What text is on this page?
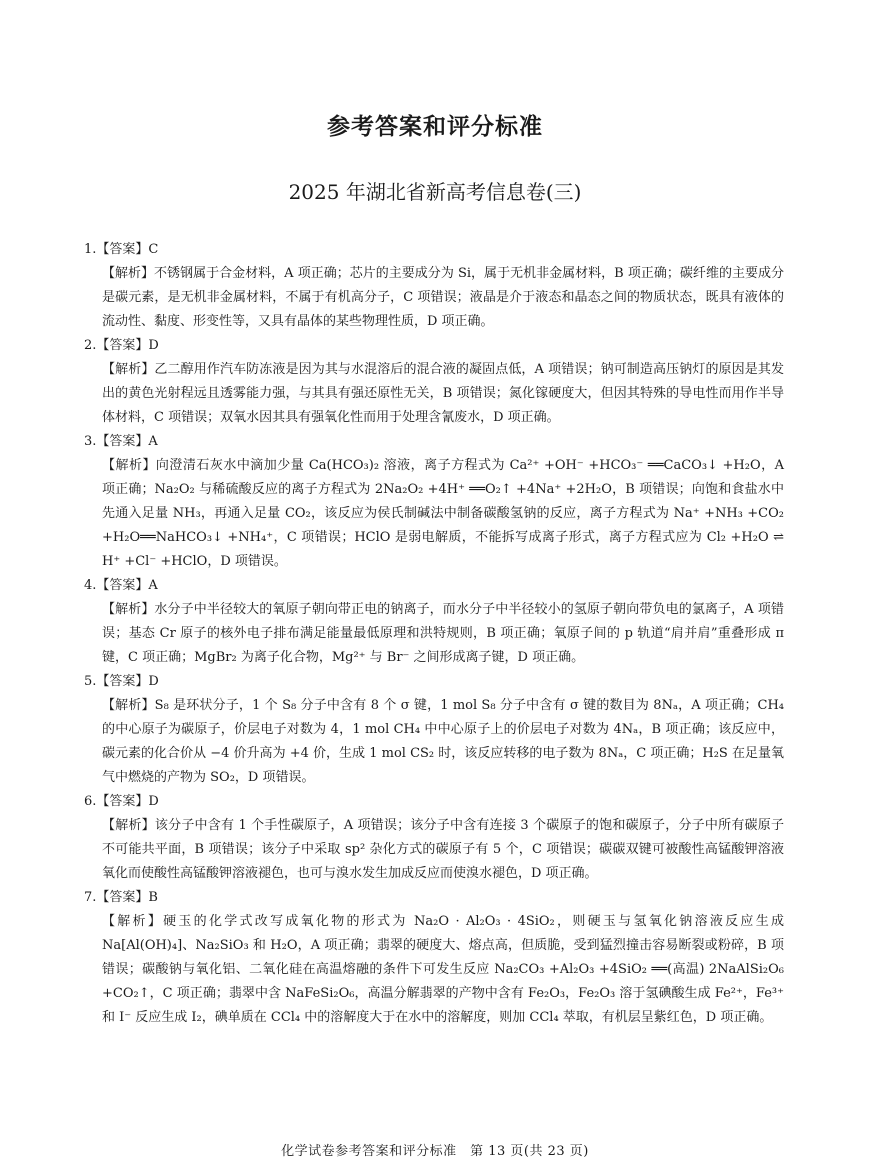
参考答案和评分标准
2025 年湖北省新高考信息卷(三)
1.【答案】C
【解析】不锈钢属于合金材料，A 项正确；芯片的主要成分为 Si，属于无机非金属材料，B 项正确；碳纤维的主要成分是碳元素，是无机非金属材料，不属于有机高分子，C 项错误；液晶是介于液态和晶态之间的物质状态，既具有液体的流动性、黏度、形变性等，又具有晶体的某些物理性质，D 项正确。
2.【答案】D
【解析】乙二醇用作汽车防冻液是因为其与水混溶后的混合液的凝固点低，A 项错误；钠可制造高压钠灯的原因是其发出的黄色光射程远且透雾能力强，与其具有强还原性无关，B 项错误；氮化镓硬度大，但因其特殊的导电性而用作半导体材料，C 项错误；双氧水因其具有强氧化性而用于处理含氰废水，D 项正确。
3.【答案】A
【解析】向澄清石灰水中滴加少量 Ca(HCO₃)₂ 溶液，离子方程式为 Ca²⁺ +OH⁻ +HCO₃⁻ ══CaCO₃↓ +H₂O，A 项正确；Na₂O₂ 与稀硫酸反应的离子方程式为 2Na₂O₂ +4H⁺ ══O₂↑ +4Na⁺ +2H₂O，B 项错误；向饱和食盐水中先通入足量 NH₃，再通入足量 CO₂，该反应为侯氏制碱法中制备碳酸氢钠的反应，离子方程式为 Na⁺ +NH₃ +CO₂ +H₂O══NaHCO₃↓ +NH₄⁺，C 项错误；HClO 是弱电解质，不能拆写成离子形式，离子方程式应为 Cl₂ +H₂O ⇌ H⁺ +Cl⁻ +HClO，D 项错误。
4.【答案】A
【解析】水分子中半径较大的氧原子朝向带正电的钠离子，而水分子中半径较小的氢原子朝向带负电的氯离子，A 项错误；基态 Cr 原子的核外电子排布满足能量最低原理和洪特规则，B 项正确；氧原子间的 p 轨道“肩并肩”重叠形成 π 键，C 项正确；MgBr₂ 为离子化合物，Mg²⁺ 与 Br⁻ 之间形成离子键，D 项正确。
5.【答案】D
【解析】S₈ 是环状分子，1 个 S₈ 分子中含有 8 个 σ 键，1 mol S₈ 分子中含有 σ 键的数目为 8Nₐ，A 项正确；CH₄ 的中心原子为碳原子，价层电子对数为 4，1 mol CH₄ 中中心原子上的价层电子对数为 4Nₐ，B 项正确；该反应中，碳元素的化合价从 −4 价升高为 +4 价，生成 1 mol CS₂ 时，该反应转移的电子数为 8Nₐ，C 项正确；H₂S 在足量氧气中燃烧的产物为 SO₂，D 项错误。
6.【答案】D
【解析】该分子中含有 1 个手性碳原子，A 项错误；该分子中含有连接 3 个碳原子的饱和碳原子，分子中所有碳原子不可能共平面，B 项错误；该分子中采取 sp² 杂化方式的碳原子有 5 个，C 项错误；碳碳双键可被酸性高锰酸钾溶液氧化而使酸性高锰酸钾溶液褪色，也可与溴水发生加成反应而使溴水褪色，D 项正确。
7.【答案】B
【解析】硬玉的化学式改写成氧化物的形式为 Na₂O · Al₂O₃ · 4SiO₂，则硬玉与氢氧化钠溶液反应生成 Na[Al(OH)₄]、Na₂SiO₃ 和 H₂O，A 项正确；翡翠的硬度大、熔点高，但质脆，受到猛烈撞击容易断裂或粉碎，B 项错误；碳酸钠与氧化铝、二氧化硅在高温熔融的条件下可发生反应 Na₂CO₃ +Al₂O₃ +4SiO₂ ══(高温) 2NaAlSi₂O₆ +CO₂↑，C 项正确；翡翠中含 NaFeSi₂O₆，高温分解翡翠的产物中含有 Fe₂O₃，Fe₂O₃ 溶于氢碘酸生成 Fe²⁺，Fe³⁺ 和 I⁻ 反应生成 I₂，碘单质在 CCl₄ 中的溶解度大于在水中的溶解度，则加 CCl₄ 萃取，有机层呈紫红色，D 项正确。
化学试卷参考答案和评分标准　第 13 页(共 23 页)
